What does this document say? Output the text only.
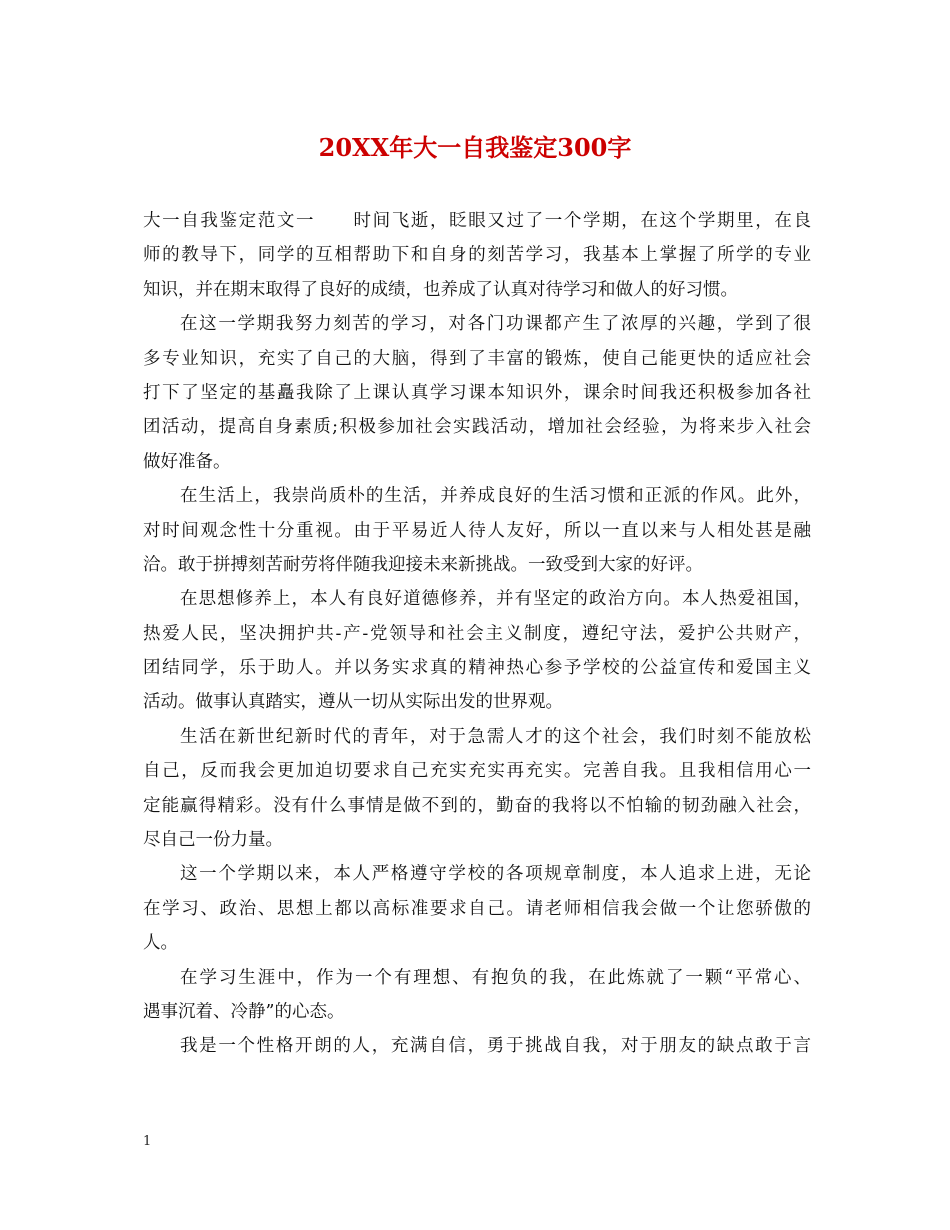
20XX年大一自我鉴定300字
大一自我鉴定范文一　　时间飞逝，眨眼又过了一个学期，在这个学期里，在良
师的教导下，同学的互相帮助下和自身的刻苦学习，我基本上掌握了所学的专业
知识，并在期末取得了良好的成绩，也养成了认真对待学习和做人的好习惯。
在这一学期我努力刻苦的学习，对各门功课都产生了浓厚的兴趣，学到了很
多专业知识，充实了自己的大脑，得到了丰富的锻炼，使自己能更快的适应社会
打下了坚定的基矗我除了上课认真学习课本知识外，课余时间我还积极参加各社
团活动，提高自身素质;积极参加社会实践活动，增加社会经验，为将来步入社会
做好准备。
在生活上，我崇尚质朴的生活，并养成良好的生活习惯和正派的作风。此外，
对时间观念性十分重视。由于平易近人待人友好，所以一直以来与人相处甚是融
洽。敢于拼搏刻苦耐劳将伴随我迎接未来新挑战。一致受到大家的好评。
在思想修养上，本人有良好道德修养，并有坚定的政治方向。本人热爱祖国，
热爱人民，坚决拥护共-产-党领导和社会主义制度，遵纪守法，爱护公共财产，
团结同学，乐于助人。并以务实求真的精神热心参予学校的公益宣传和爱国主义
活动。做事认真踏实，遵从一切从实际出发的世界观。
生活在新世纪新时代的青年，对于急需人才的这个社会，我们时刻不能放松
自己，反而我会更加迫切要求自己充实充实再充实。完善自我。且我相信用心一
定能赢得精彩。没有什么事情是做不到的，勤奋的我将以不怕输的韧劲融入社会，
尽自己一份力量。
这一个学期以来，本人严格遵守学校的各项规章制度，本人追求上进，无论
在学习、政治、思想上都以高标准要求自己。请老师相信我会做一个让您骄傲的
人。
在学习生涯中，作为一个有理想、有抱负的我，在此炼就了一颗“平常心、
遇事沉着、冷静”的心态。
我是一个性格开朗的人，充满自信，勇于挑战自我，对于朋友的缺点敢于言
1
